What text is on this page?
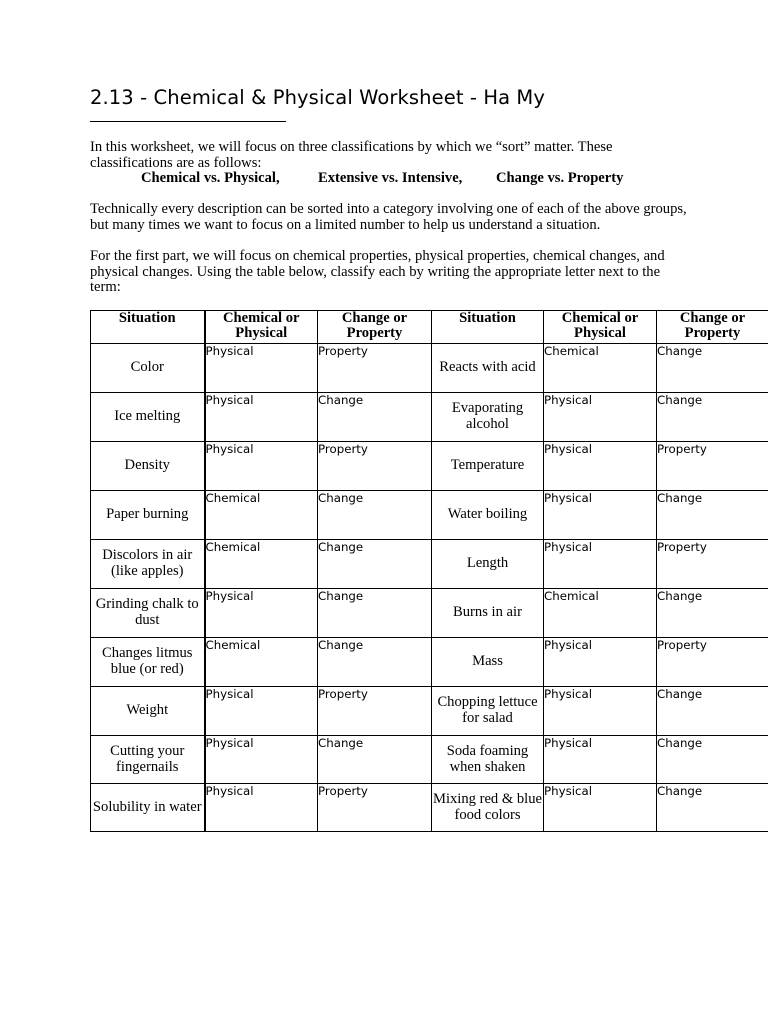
2.13 - Chemical & Physical Worksheet - Ha My
In this worksheet, we will focus on three classifications by which we “sort” matter. These classifications are as follows:
Chemical vs. Physical,	Extensive vs. Intensive, Change vs. Property
Technically every description can be sorted into a category involving one of each of the above groups, but many times we want to focus on a limited number to help us understand a situation.
For the first part, we will focus on chemical properties, physical properties, chemical changes, and physical changes. Using the table below, classify each by writing the appropriate letter next to the term:
Situation	Chemical or Physical	Change or Property	Situation	Chemical or Physical	Change or Property
Color	Physical	Property	Reacts with acid	Chemical	Change
Ice melting	Physical	Change	Evaporating alcohol	Physical	Change
Density	Physical	Property	Temperature	Physical	Property
Paper burning	Chemical	Change	Water boiling	Physical	Change
Discolors in air (like apples)	Chemical	Change	Length	Physical	Property
Grinding chalk to dust	Physical	Change	Burns in air	Chemical	Change
Changes litmus blue (or red)	Chemical	Change	Mass	Physical	Property
Weight	Physical	Property	Chopping lettuce for salad	Physical	Change
Cutting your fingernails	Physical	Change	Soda foaming when shaken	Physical	Change
Solubility in water	Physical	Property	Mixing red & blue food colors	Physical	Change
